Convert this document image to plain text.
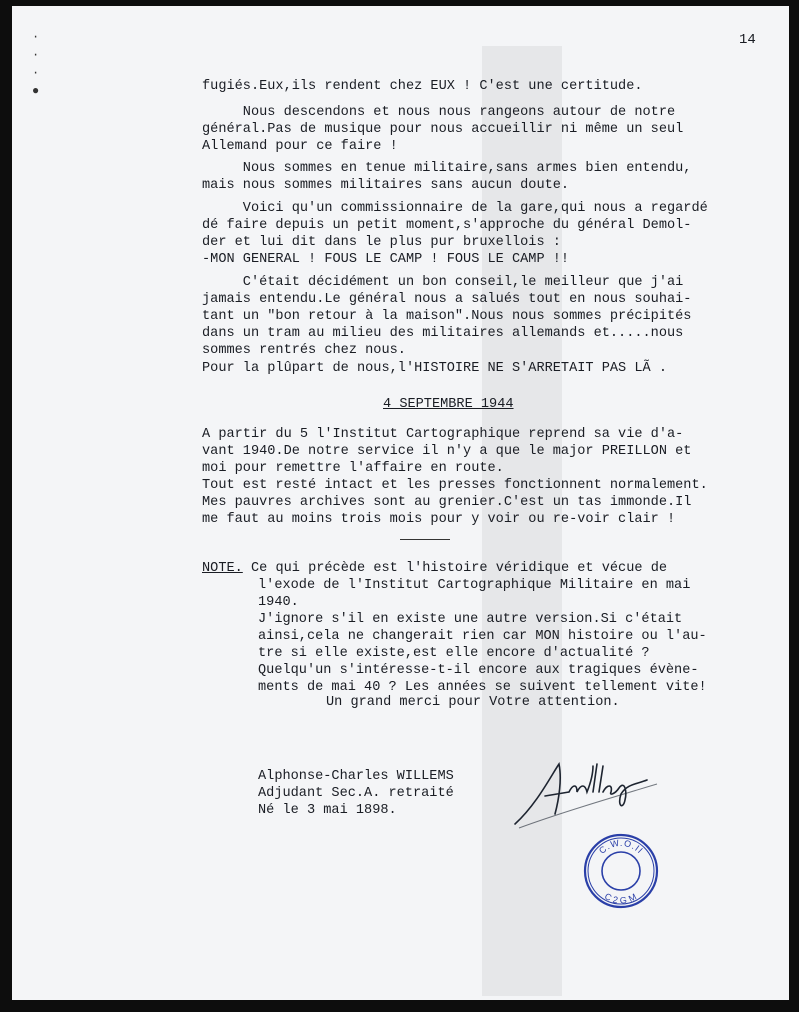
·
·
·
●
14
fugiés.Eux,ils rendent chez EUX ! C'est une certitude.
Nous descendons et nous nous rangeons autour de notre
général.Pas de musique pour nous accueillir ni même un seul
Allemand pour ce faire !
Nous sommes en tenue militaire,sans armes bien entendu,
mais nous sommes militaires sans aucun doute.
Voici qu'un commissionnaire de la gare,qui nous a regardé
dé faire depuis un petit moment,s'approche du général Demol-
der et lui dit dans le plus pur bruxellois :
-MON GENERAL ! FOUS LE CAMP ! FOUS LE CAMP !!
C'était décidément un bon conseil,le meilleur que j'ai
jamais entendu.Le général nous a salués tout en nous souhai-
tant un "bon retour à la maison".Nous nous sommes précipités
dans un tram au milieu des militaires allemands et.....nous
sommes rentrés chez nous.
Pour la plûpart de nous,l'HISTOIRE NE S'ARRETAIT PAS LÃ .
4 SEPTEMBRE 1944
A partir du 5 l'Institut Cartographique reprend sa vie d'a-
vant 1940.De notre service il n'y a que le major PREILLON et
moi pour remettre l'affaire en route.
Tout est resté intact et les presses fonctionnent normalement.
Mes pauvres archives sont au grenier.C'est un tas immonde.Il
me faut au moins trois mois pour y voir ou re-voir clair !
NOTE. Ce qui précède est l'histoire véridique et vécue de
l'exode de l'Institut Cartographique Militaire en mai
1940.
J'ignore s'il en existe une autre version.Si c'était
ainsi,cela ne changerait rien car MON histoire ou l'au-
tre si elle existe,est elle encore d'actualité ?
Quelqu'un s'intéresse-t-il encore aux tragiques évène-
ments de mai 40 ? Les années se suivent tellement vite!
Un grand merci pour Votre attention.
Alphonse-Charles WILLEMS
Adjudant Sec.A. retraité
Né le 3 mai 1898.
C.W.O.II
C2GM
